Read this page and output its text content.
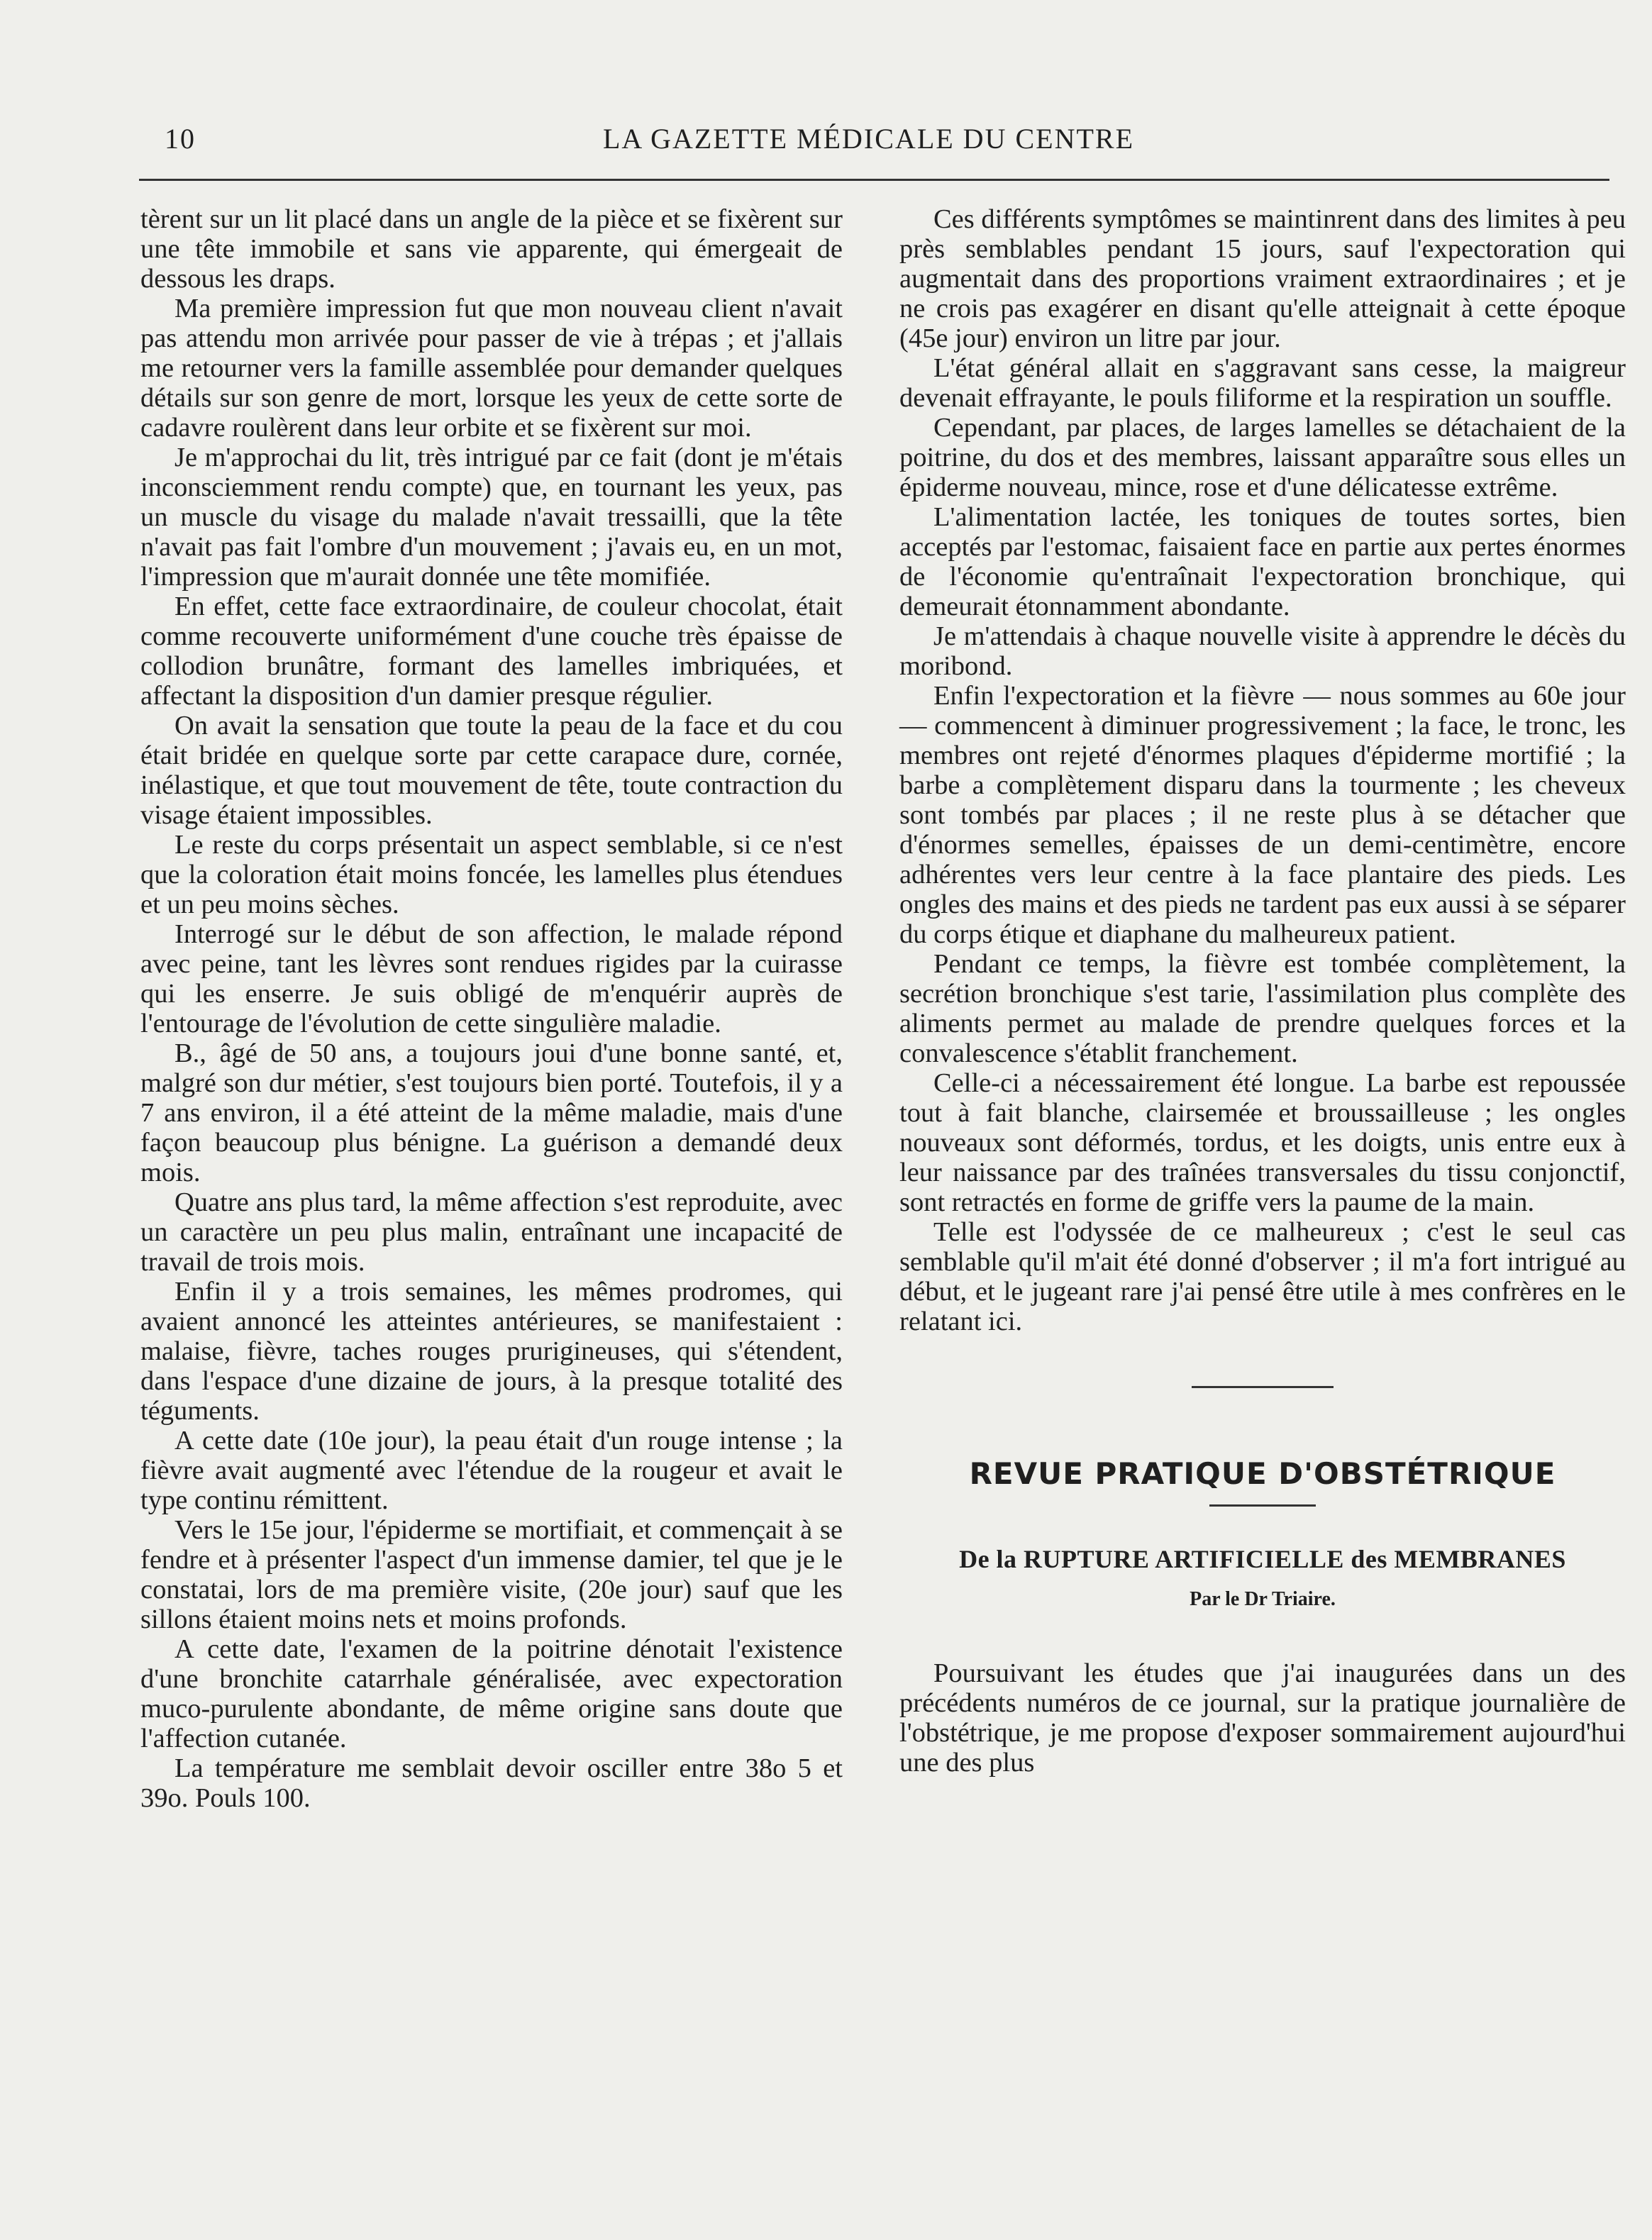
10	LA GAZETTE MÉDICALE DU CENTRE

tèrent sur un lit placé dans un angle de la pièce et se fixèrent sur une tête immobile et sans vie apparente, qui émergeait de dessous les draps.

Ma première impression fut que mon nouveau client n'avait pas attendu mon arrivée pour passer de vie à trépas ; et j'allais me retourner vers la famille assemblée pour demander quelques détails sur son genre de mort, lorsque les yeux de cette sorte de cadavre roulèrent dans leur orbite et se fixèrent sur moi.

Je m'approchai du lit, très intrigué par ce fait (dont je m'étais inconsciemment rendu compte) que, en tournant les yeux, pas un muscle du visage du malade n'avait tressailli, que la tête n'avait pas fait l'ombre d'un mouvement ; j'avais eu, en un mot, l'impression que m'aurait donnée une tête momifiée.

En effet, cette face extraordinaire, de couleur chocolat, était comme recouverte uniformément d'une couche très épaisse de collodion brunâtre, formant des lamelles imbriquées, et affectant la disposition d'un damier presque régulier.

On avait la sensation que toute la peau de la face et du cou était bridée en quelque sorte par cette carapace dure, cornée, inélastique, et que tout mouvement de tête, toute contraction du visage étaient impossibles.

Le reste du corps présentait un aspect semblable, si ce n'est que la coloration était moins foncée, les lamelles plus étendues et un peu moins sèches.

Interrogé sur le début de son affection, le malade répond avec peine, tant les lèvres sont rendues rigides par la cuirasse qui les enserre. Je suis obligé de m'enquérir auprès de l'entourage de l'évolution de cette singulière maladie.

B., âgé de 50 ans, a toujours joui d'une bonne santé, et, malgré son dur métier, s'est toujours bien porté. Toutefois, il y a 7 ans environ, il a été atteint de la même maladie, mais d'une façon beaucoup plus bénigne. La guérison a demandé deux mois.

Quatre ans plus tard, la même affection s'est reproduite, avec un caractère un peu plus malin, entraînant une incapacité de travail de trois mois.

Enfin il y a trois semaines, les mêmes prodromes, qui avaient annoncé les atteintes antérieures, se manifestaient : malaise, fièvre, taches rouges prurigineuses, qui s'étendent, dans l'espace d'une dizaine de jours, à la presque totalité des téguments.

A cette date (10e jour), la peau était d'un rouge intense ; la fièvre avait augmenté avec l'étendue de la rougeur et avait le type continu rémittent.

Vers le 15e jour, l'épiderme se mortifiait, et commençait à se fendre et à présenter l'aspect d'un immense damier, tel que je le constatai, lors de ma première visite, (20e jour) sauf que les sillons étaient moins nets et moins profonds.

A cette date, l'examen de la poitrine dénotait l'existence d'une bronchite catarrhale généralisée, avec expectoration muco-purulente abondante, de même origine sans doute que l'affection cutanée.

La température me semblait devoir osciller entre 38o 5 et 39o. Pouls 100.

Ces différents symptômes se maintinrent dans des limites à peu près semblables pendant 15 jours, sauf l'expectoration qui augmentait dans des proportions vraiment extraordinaires ; et je ne crois pas exagérer en disant qu'elle atteignait à cette époque (45e jour) environ un litre par jour.

L'état général allait en s'aggravant sans cesse, la maigreur devenait effrayante, le pouls filiforme et la respiration un souffle.

Cependant, par places, de larges lamelles se détachaient de la poitrine, du dos et des membres, laissant apparaître sous elles un épiderme nouveau, mince, rose et d'une délicatesse extrême.

L'alimentation lactée, les toniques de toutes sortes, bien acceptés par l'estomac, faisaient face en partie aux pertes énormes de l'économie qu'entraînait l'expectoration bronchique, qui demeurait étonnamment abondante.

Je m'attendais à chaque nouvelle visite à apprendre le décès du moribond.

Enfin l'expectoration et la fièvre — nous sommes au 60e jour — commencent à diminuer progressivement ; la face, le tronc, les membres ont rejeté d'énormes plaques d'épiderme mortifié ; la barbe a complètement disparu dans la tourmente ; les cheveux sont tombés par places ; il ne reste plus à se détacher que d'énormes semelles, épaisses de un demi-centimètre, encore adhérentes vers leur centre à la face plantaire des pieds. Les ongles des mains et des pieds ne tardent pas eux aussi à se séparer du corps étique et diaphane du malheureux patient.

Pendant ce temps, la fièvre est tombée complètement, la secrétion bronchique s'est tarie, l'assimilation plus complète des aliments permet au malade de prendre quelques forces et la convalescence s'établit franchement.

Celle-ci a nécessairement été longue. La barbe est repoussée tout à fait blanche, clairsemée et broussailleuse ; les ongles nouveaux sont déformés, tordus, et les doigts, unis entre eux à leur naissance par des traînées transversales du tissu conjonctif, sont retractés en forme de griffe vers la paume de la main.

Telle est l'odyssée de ce malheureux ; c'est le seul cas semblable qu'il m'ait été donné d'observer ; il m'a fort intrigué au début, et le jugeant rare j'ai pensé être utile à mes confrères en le relatant ici.

REVUE PRATIQUE D'OBSTÉTRIQUE
De la RUPTURE ARTIFICIELLE des MEMBRANES
Par le Dr Triaire.

Poursuivant les études que j'ai inaugurées dans un des précédents numéros de ce journal, sur la pratique journalière de l'obstétrique, je me propose d'exposer sommairement aujourd'hui une des plus
